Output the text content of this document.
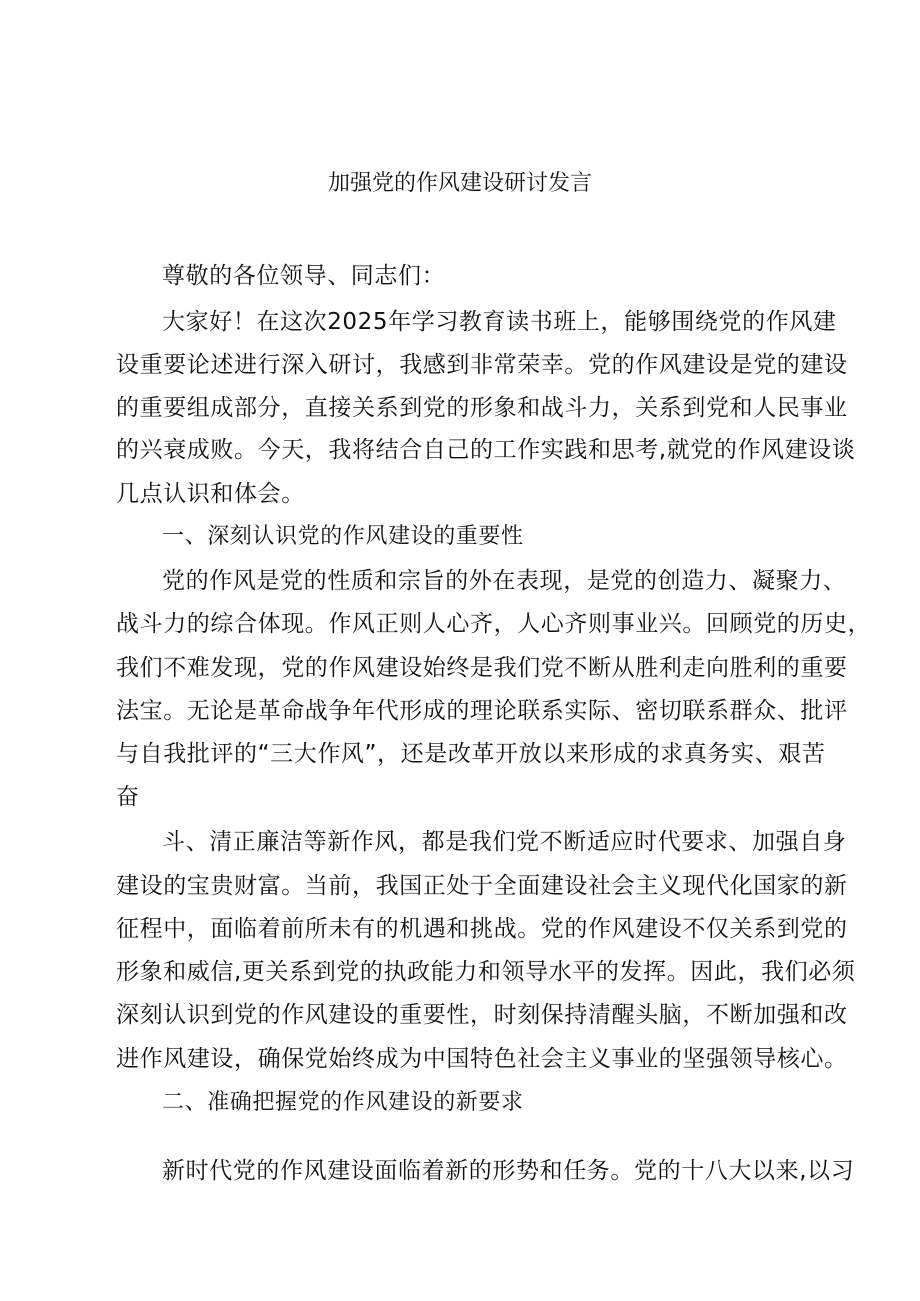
加强党的作风建设研讨发言
尊敬的各位领导、同志们：
大家好！在这次2025年学习教育读书班上，能够围绕党的作风建
设重要论述进行深入研讨，我感到非常荣幸。党的作风建设是党的建设
的重要组成部分，直接关系到党的形象和战斗力，关系到党和人民事业
的兴衰成败。今天，我将结合自己的工作实践和思考,就党的作风建设谈
几点认识和体会。
一、深刻认识党的作风建设的重要性
党的作风是党的性质和宗旨的外在表现，是党的创造力、凝聚力、
战斗力的综合体现。作风正则人心齐，人心齐则事业兴。回顾党的历史，
我们不难发现，党的作风建设始终是我们党不断从胜利走向胜利的重要
法宝。无论是革命战争年代形成的理论联系实际、密切联系群众、批评
与自我批评的“三大作风”，还是改革开放以来形成的求真务实、艰苦
奋
斗、清正廉洁等新作风，都是我们党不断适应时代要求、加强自身
建设的宝贵财富。当前，我国正处于全面建设社会主义现代化国家的新
征程中，面临着前所未有的机遇和挑战。党的作风建设不仅关系到党的
形象和威信,更关系到党的执政能力和领导水平的发挥。因此，我们必须
深刻认识到党的作风建设的重要性，时刻保持清醒头脑，不断加强和改
进作风建设，确保党始终成为中国特色社会主义事业的坚强领导核心。
二、准确把握党的作风建设的新要求
新时代党的作风建设面临着新的形势和任务。党的十八大以来,以习
